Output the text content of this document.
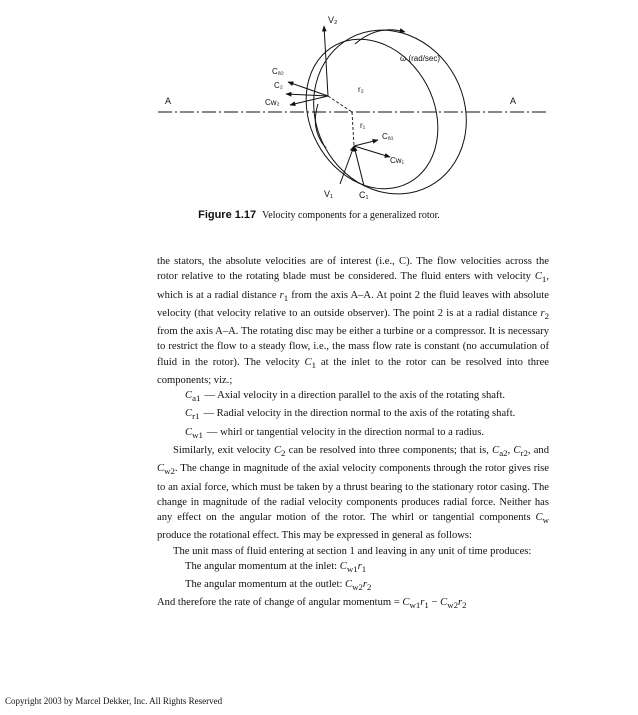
V₂
ω (rad/sec)
Cₐ₂
C₂
Cw₂
r₂
A	A
r₁
Cₐ₁
Cw₁
V₁	C₁
Figure 1.17 Velocity components for a generalized rotor.

the stators, the absolute velocities are of interest (i.e., C). The flow velocities across the rotor relative to the rotating blade must be considered. The fluid enters with velocity $C_1$, which is at a radial distance $r_1$ from the axis A–A. At point 2 the fluid leaves with absolute velocity (that velocity relative to an outside observer). The point 2 is at a radial distance $r_2$ from the axis A–A. The rotating disc may be either a turbine or a compressor. It is necessary to restrict the flow to a steady flow, i.e., the mass flow rate is constant (no accumulation of fluid in the rotor). The velocity $C_1$ at the inlet to the rotor can be resolved into three components; viz.;

$C_{a1}$ — Axial velocity in a direction parallel to the axis of the rotating shaft.
$C_{r1}$ — Radial velocity in the direction normal to the axis of the rotating shaft.
$C_{w1}$ — whirl or tangential velocity in the direction normal to a radius.

Similarly, exit velocity $C_2$ can be resolved into three components; that is, $C_{a2}$, $C_{r2}$, and $C_{w2}$. The change in magnitude of the axial velocity components through the rotor gives rise to an axial force, which must be taken by a thrust bearing to the stationary rotor casing. The change in magnitude of the radial velocity components produces radial force. Neither has any effect on the angular motion of the rotor. The whirl or tangential components $C_w$ produce the rotational effect. This may be expressed in general as follows:

The unit mass of fluid entering at section 1 and leaving in any unit of time produces:

The angular momentum at the inlet: $C_{w1}r_1$

The angular momentum at the outlet: $C_{w2}r_2$

And therefore the rate of change of angular momentum = $C_{w1}r_1 - C_{w2}r_2$

Copyright 2003 by Marcel Dekker, Inc. All Rights Reserved
